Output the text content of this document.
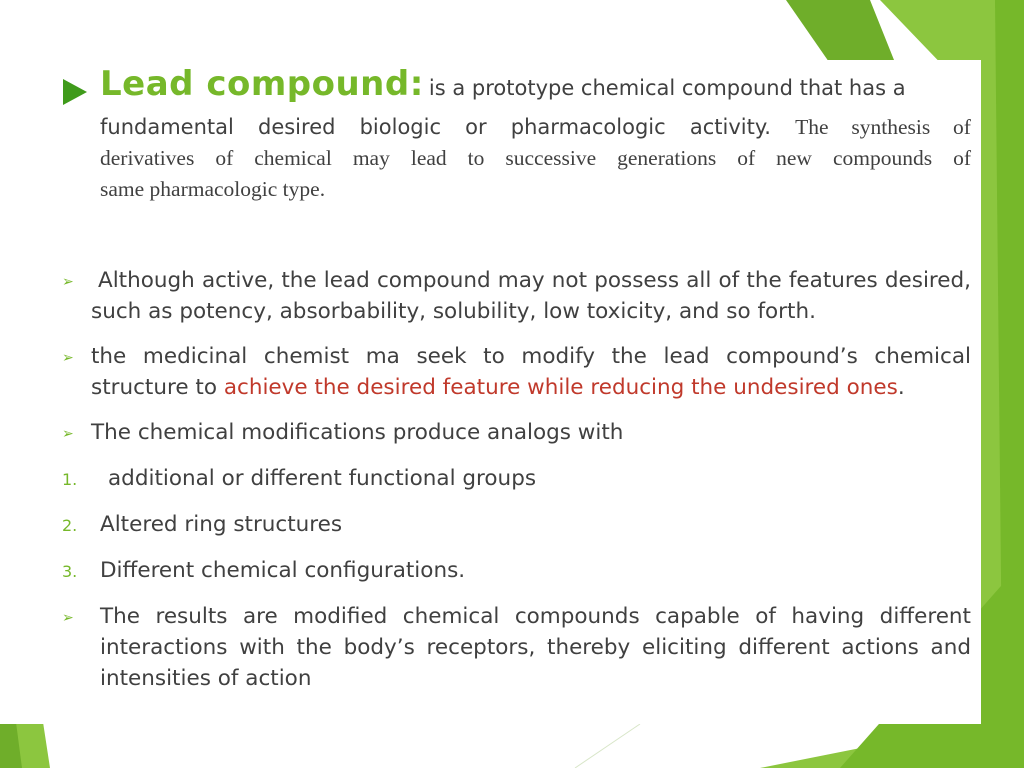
Lead compound: is a prototype chemical compound that has a
fundamental desired biologic or pharmacologic activity. The synthesis of
derivatives of chemical may lead to successive generations of new compounds of
same pharmacologic type.
➢	Although active, the lead compound may not possess all of the features desired, such as potency, absorbability, solubility, low toxicity, and so forth.
➢ the medicinal chemist ma seek to modify the lead compound’s chemical structure to achieve the desired feature while reducing the undesired ones.
➢ The chemical modifications produce analogs with
1. additional or different functional groups
2. Altered ring structures
3. Different chemical configurations.
➢ The results are modified chemical compounds capable of having different interactions with the body’s receptors, thereby eliciting different actions and intensities of action
